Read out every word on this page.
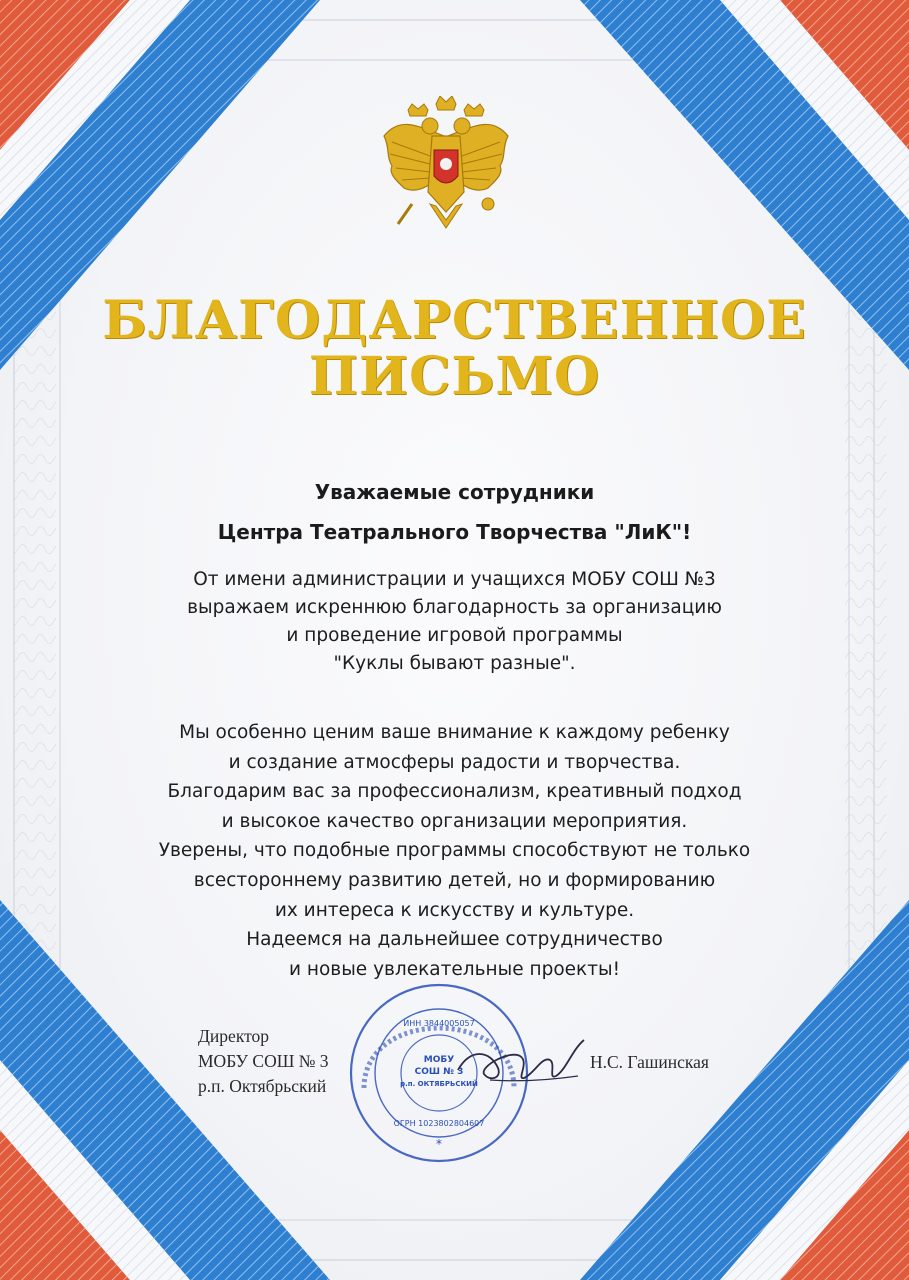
БЛАГОДАРСТВЕННОЕ
ПИСЬМО
Уважаемые сотрудники
Центра Театрального Творчества "ЛиК"!
От имени администрации и учащихся МОБУ СОШ №3
выражаем искреннюю благодарность за организацию
и проведение игровой программы
"Куклы бывают разные".
Мы особенно ценим ваше внимание к каждому ребенку
и создание атмосферы радости и творчества.
Благодарим вас за профессионализм, креативный подход
и высокое качество организации мероприятия.
Уверены, что подобные программы способствуют не только
всестороннему развитию детей, но и формированию
их интереса к искусству и культуре.
Надеемся на дальнейшее сотрудничество
и новые увлекательные проекты!
Директор
МОБУ СОШ № 3
р.п. Октябрьский
МОБУ
СОШ № 3
р.п. ОКТЯБРЬСКИЙ
ИНН 3844005057
ОГРН 1023802804607
*
Н.С. Гашинская
